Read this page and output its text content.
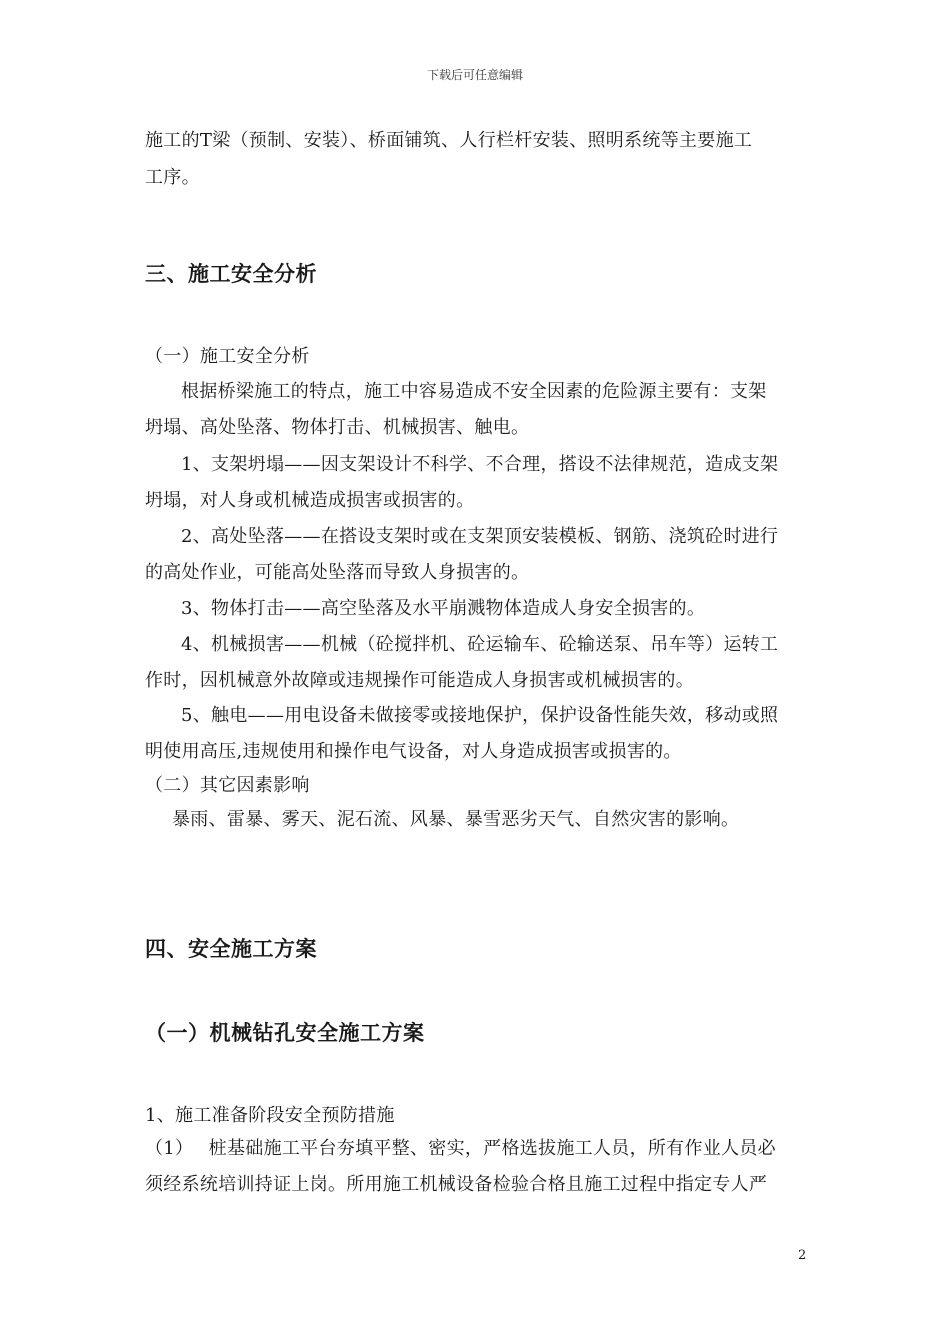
下载后可任意编辑
施工的T梁（预制、安装）、桥面铺筑、人行栏杆安装、照明系统等主要施工
工序。
三、施工安全分析
（一）施工安全分析
根据桥梁施工的特点，施工中容易造成不安全因素的危险源主要有：支架
坍塌、高处坠落、物体打击、机械损害、触电。
1、支架坍塌——因支架设计不科学、不合理，搭设不法律规范，造成支架
坍塌，对人身或机械造成损害或损害的。
2、高处坠落——在搭设支架时或在支架顶安装模板、钢筋、浇筑砼时进行
的高处作业，可能高处坠落而导致人身损害的。
3、物体打击——高空坠落及水平崩溅物体造成人身安全损害的。
4、机械损害——机械（砼搅拌机、砼运输车、砼输送泵、吊车等）运转工
作时，因机械意外故障或违规操作可能造成人身损害或机械损害的。
5、触电——用电设备未做接零或接地保护，保护设备性能失效，移动或照
明使用高压,违规使用和操作电气设备，对人身造成损害或损害的。
（二）其它因素影响
暴雨、雷暴、雾天、泥石流、风暴、暴雪恶劣天气、自然灾害的影响。
四、安全施工方案
（一）机械钻孔安全施工方案
1、施工准备阶段安全预防措施
（1）　 桩基础施工平台夯填平整、密实，严格选拔施工人员，所有作业人员必
须经系统培训持证上岗。所用施工机械设备检验合格且施工过程中指定专人严
2
